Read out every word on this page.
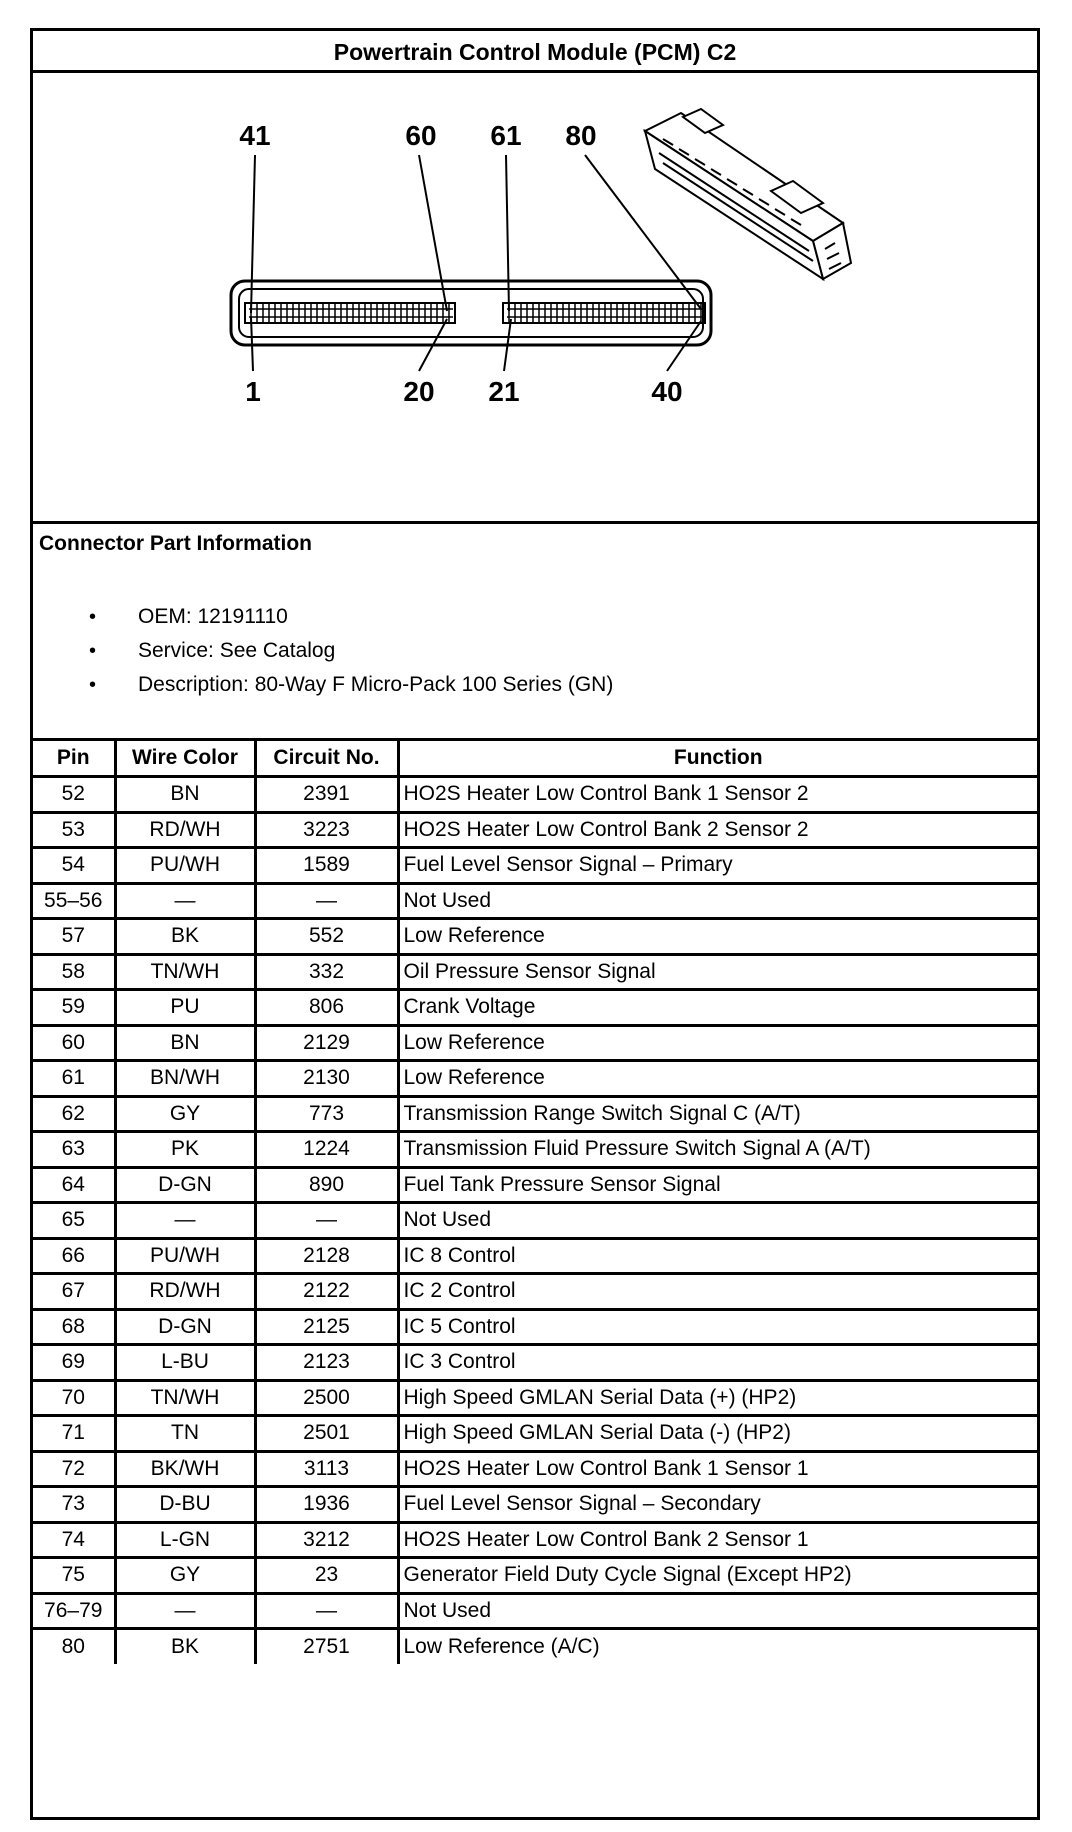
Powertrain Control Module (PCM) C2
41	60 61 80
1	20 21	40
Connector Part Information
• OEM: 12191110
• Service: See Catalog
• Description: 80-Way F Micro-Pack 100 Series (GN)
Pin	Wire Color	Circuit No.	Function
52	BN	2391	HO2S Heater Low Control Bank 1 Sensor 2
53	RD/WH	3223	HO2S Heater Low Control Bank 2 Sensor 2
54	PU/WH	1589	Fuel Level Sensor Signal – Primary
55–56	—	—	Not Used
57	BK	552	Low Reference
58	TN/WH	332	Oil Pressure Sensor Signal
59	PU	806	Crank Voltage
60	BN	2129	Low Reference
61	BN/WH	2130	Low Reference
62	GY	773	Transmission Range Switch Signal C (A/T)
63	PK	1224	Transmission Fluid Pressure Switch Signal A (A/T)
64	D-GN	890	Fuel Tank Pressure Sensor Signal
65	—	—	Not Used
66	PU/WH	2128	IC 8 Control
67	RD/WH	2122	IC 2 Control
68	D-GN	2125	IC 5 Control
69	L-BU	2123	IC 3 Control
70	TN/WH	2500	High Speed GMLAN Serial Data (+) (HP2)
71	TN	2501	High Speed GMLAN Serial Data (-) (HP2)
72	BK/WH	3113	HO2S Heater Low Control Bank 1 Sensor 1
73	D-BU	1936	Fuel Level Sensor Signal – Secondary
74	L-GN	3212	HO2S Heater Low Control Bank 2 Sensor 1
75	GY	23	Generator Field Duty Cycle Signal (Except HP2)
76–79	—	—	Not Used
80	BK	2751	Low Reference (A/C)
